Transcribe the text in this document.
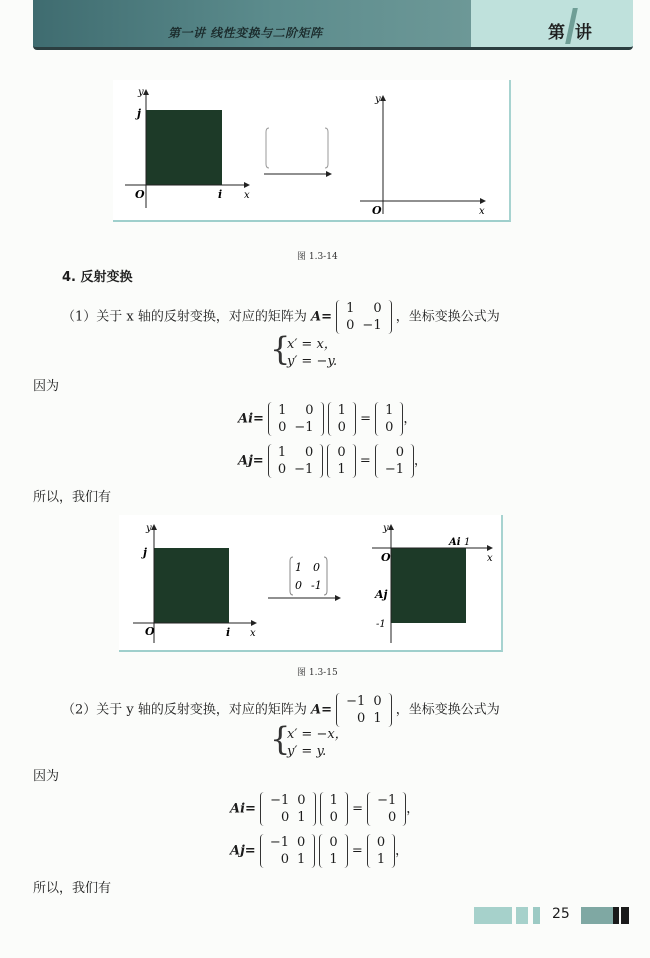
第一讲 线性变换与二阶矩阵	第 讲
y
j
O	i x
y
O	x
图 1.3-14
4. 反射变换
（1）关于 x 轴的反射变换，对应的矩阵为 A=
1	0
0	−1
，坐标变换公式为
{
x′ = x，
y′ = −y.
因为
Ai=
1	0
0	−1

1
0
=
1
0
，
Aj=
1	0
0	−1

0
1
=
0
−1
，
所以，我们有
y
j
O	i x
1 0
0 -1
y
O
Ai 1
x
Aj
-1
图 1.3-15
（2）关于 y 轴的反射变换，对应的矩阵为 A=
−1	0
0	1
，坐标变换公式为
{
x′ = −x，
y′ = y.
因为
Ai=
−1	0
0	1

1
0
=
−1
0
，
Aj=
−1	0
0	1

0
1
=
0
1
，
所以，我们有
25
